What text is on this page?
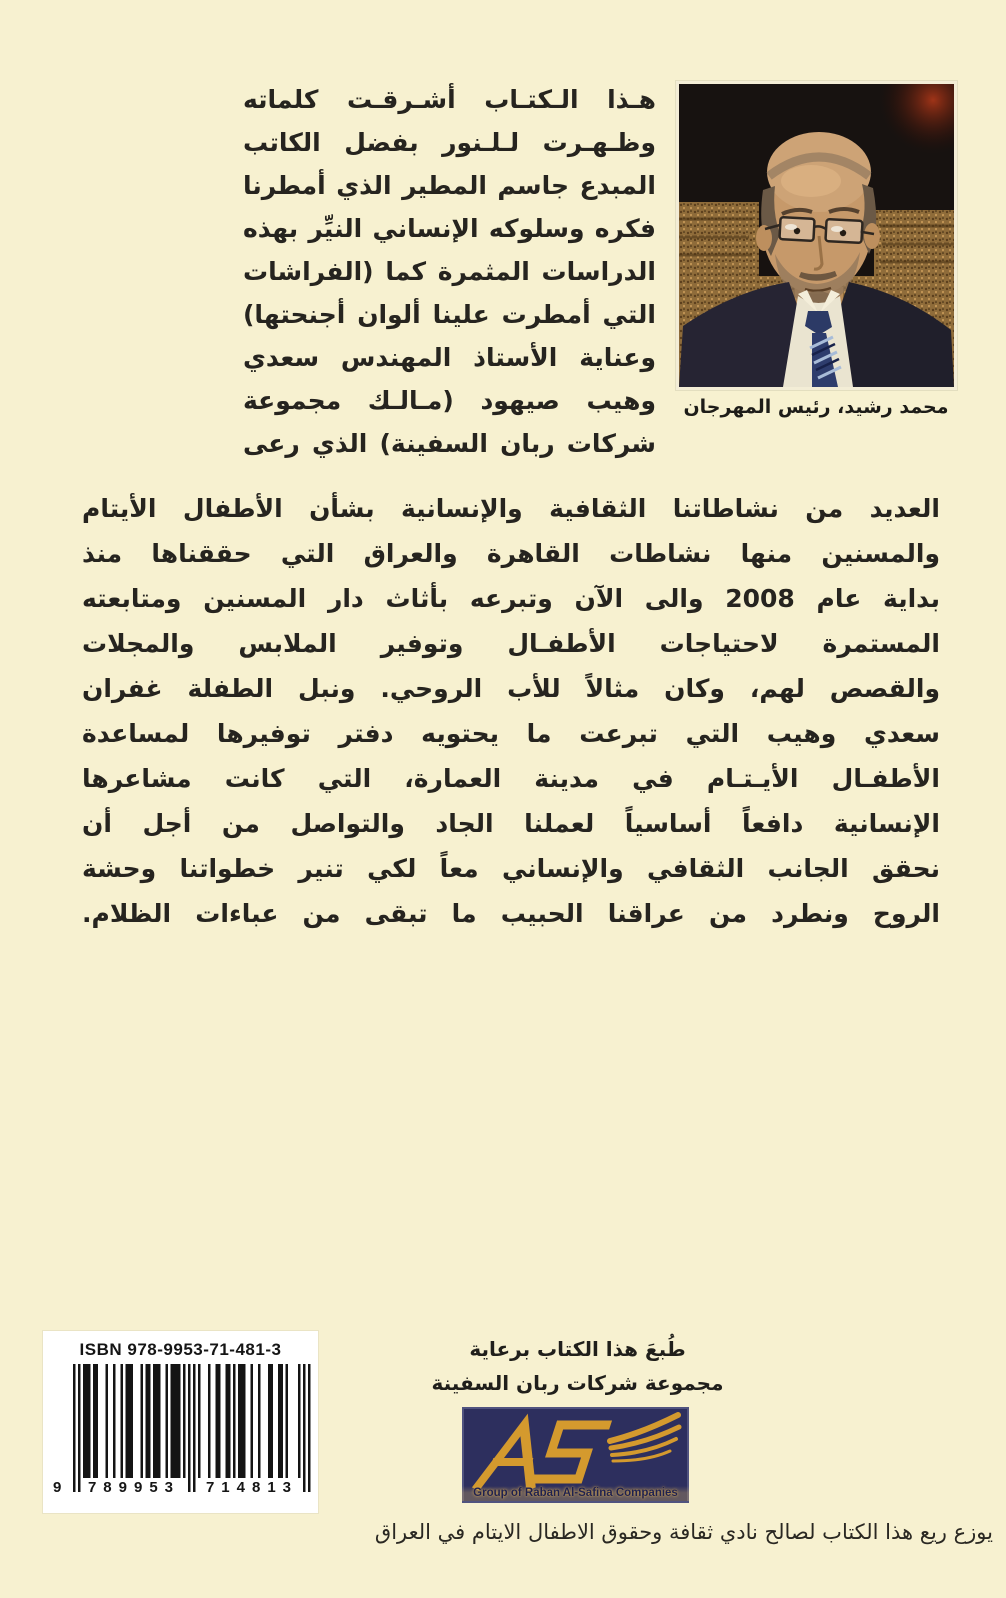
هـذا الـكتـاب أشـرقـت كلماته
وظـهـرت لـلـنور بفضل الكاتب
المبدع جاسم المطير الذي أمطرنا
فكره وسلوكه الإنساني النيِّر بهذه
الدراسات المثمرة كما (الفراشات
التي أمطرت علينا ألوان أجنحتها)
وعناية الأستاذ المهندس سعدي
وهيب صيهود (مـالـك مجموعة
شركات ربان السفينة) الذي رعى
محمد رشيد، رئيس المهرجان
العديد من نشاطاتنا الثقافية والإنسانية بشأن الأطفال الأيتام
والمسنين منها نشاطات القاهرة والعراق التي حققناها منذ
بداية عام 2008 والى الآن وتبرعه بأثاث دار المسنين ومتابعته
المستمرة لاحتياجات الأطفـال وتوفير الملابس والمجلات
والقصص لهم، وكان مثالاً للأب الروحي. ونبل الطفلة غفران
سعدي وهيب التي تبرعت ما يحتويه دفتر توفيرها لمساعدة
الأطفـال الأيـتـام في مدينة العمارة، التي كانت مشاعرها
الإنسانية دافعاً أساسياً لعملنا الجاد والتواصل من أجل أن
نحقق الجانب الثقافي والإنساني معاً لكي تنير خطواتنا وحشة
الروح ونطرد من عراقنا الحبيب ما تبقى من عباءات الظلام.
ISBN 978-9953-71-481-3
9	789953	714813
طُبعَ هذا الكتاب برعاية
مجموعة شركات ربان السفينة
Group of Raban Al-Safina Companies
يوزع ريع هذا الكتاب لصالح نادي ثقافة وحقوق الاطفال الايتام في العراق
